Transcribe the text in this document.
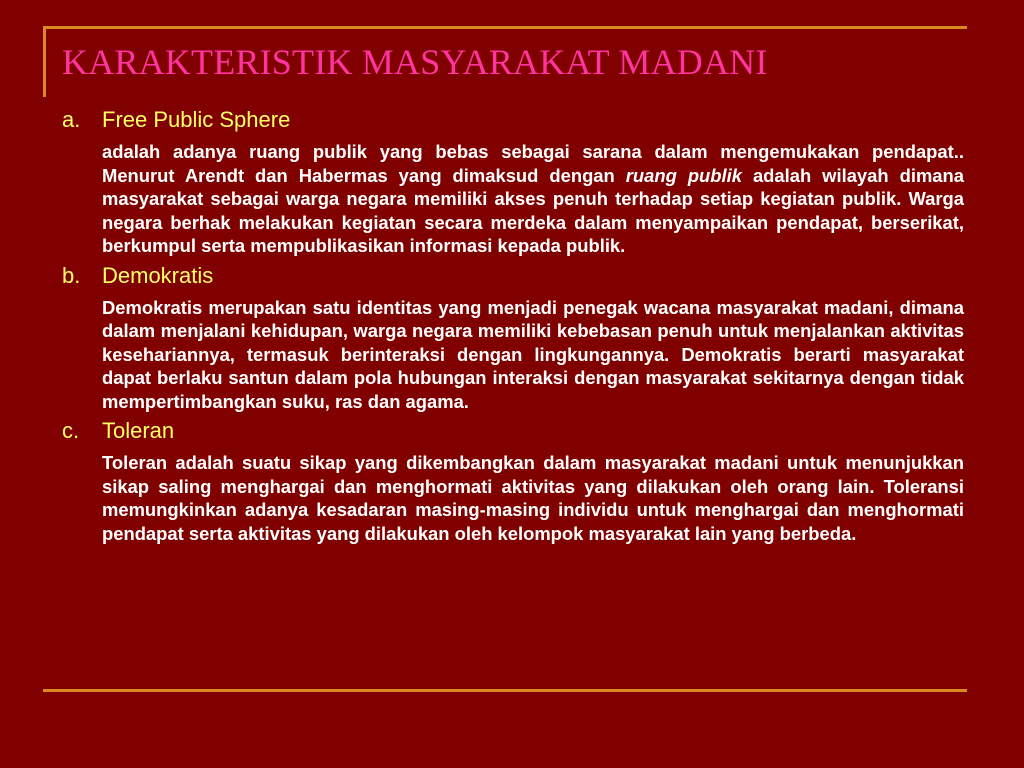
KARAKTERISTIK MASYARAKAT MADANI
a. Free Public Sphere

adalah adanya ruang publik yang bebas sebagai sarana dalam mengemukakan pendapat.. Menurut Arendt dan Habermas yang dimaksud dengan ruang publik adalah wilayah dimana masyarakat sebagai warga negara memiliki akses penuh terhadap setiap kegiatan publik. Warga negara berhak melakukan kegiatan secara merdeka dalam menyampaikan pendapat, berserikat, berkumpul serta mempublikasikan informasi kepada publik.

b. Demokratis

Demokratis merupakan satu identitas yang menjadi penegak wacana masyarakat madani, dimana dalam menjalani kehidupan, warga negara memiliki kebebasan penuh untuk menjalankan aktivitas kesehariannya, termasuk berinteraksi dengan lingkungannya. Demokratis berarti masyarakat dapat berlaku santun dalam pola hubungan interaksi dengan masyarakat sekitarnya dengan tidak mempertimbangkan suku, ras dan agama.

c.	Toleran

Toleran adalah suatu sikap yang dikembangkan dalam masyarakat madani untuk menunjukkan sikap saling menghargai dan menghormati aktivitas yang dilakukan oleh orang lain. Toleransi memungkinkan adanya kesadaran masing-masing individu untuk menghargai dan menghormati pendapat serta aktivitas yang dilakukan oleh kelompok masyarakat lain yang berbeda.
